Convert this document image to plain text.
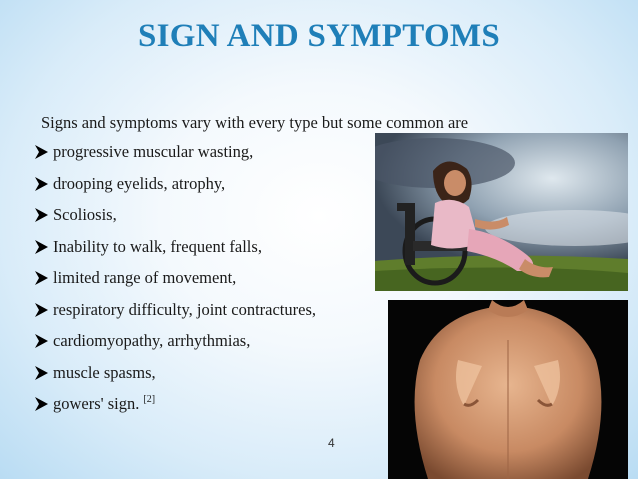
SIGN AND SYMPTOMS
Signs and symptoms vary with every type but some common are
progressive muscular wasting,
drooping eyelids, atrophy,
Scoliosis,
Inability to walk, frequent falls,
limited range of movement,
respiratory difficulty, joint contractures,
cardiomyopathy, arrhythmias,
muscle spasms,
gowers' sign. [2]
4
